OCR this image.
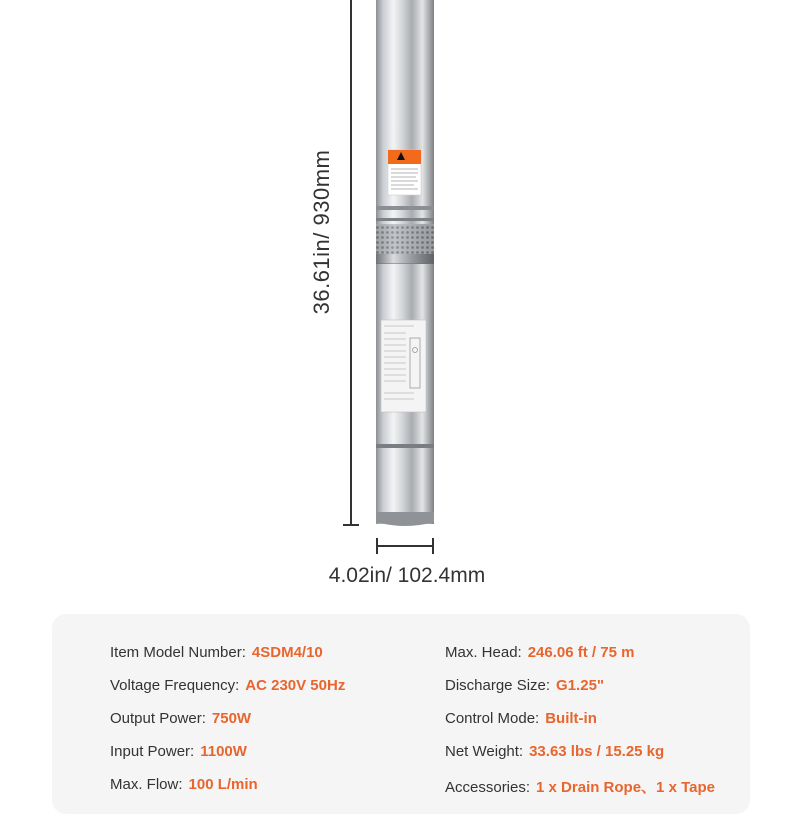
36.61in/ 930mm
4.02in/ 102.4mm
Item Model Number: 4SDM4/10
Voltage Frequency: AC 230V 50Hz
Output Power: 750W
Input Power: 1100W
Max. Flow: 100 L/min
Max. Head: 246.06 ft / 75 m
Discharge Size: G1.25"
Control Mode: Built-in
Net Weight: 33.63 lbs / 15.25 kg
Accessories: 1 x Drain Rope、1 x Tape
